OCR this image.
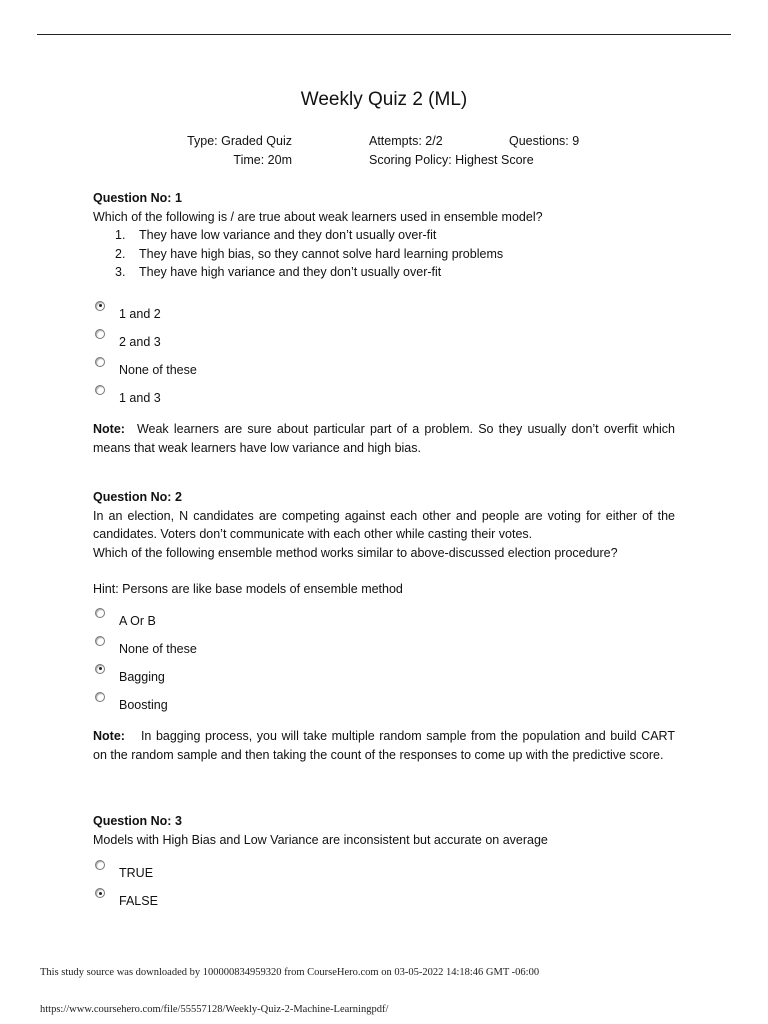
Weekly Quiz 2 (ML)
Type: Graded Quiz	Attempts: 2/2	Questions: 9
Time: 20m	Scoring Policy: Highest Score
Question No: 1
Which of the following is / are true about weak learners used in ensemble model?
1. They have low variance and they don’t usually over-fit
2. They have high bias, so they cannot solve hard learning problems
3. They have high variance and they don’t usually over-fit
1 and 2
2 and 3
None of these
1 and 3
Note: Weak learners are sure about particular part of a problem. So they usually don’t overfit which means that weak learners have low variance and high bias.
Question No: 2
In an election, N candidates are competing against each other and people are voting for either of the candidates. Voters don’t communicate with each other while casting their votes.
Which of the following ensemble method works similar to above-discussed election procedure?
Hint: Persons are like base models of ensemble method
A Or B
None of these
Bagging
Boosting
Note: In bagging process, you will take multiple random sample from the population and build CART on the random sample and then taking the count of the responses to come up with the predictive score.
Question No: 3
Models with High Bias and Low Variance are inconsistent but accurate on average
TRUE
FALSE
This study source was downloaded by 100000834959320 from CourseHero.com on 03-05-2022 14:18:46 GMT -06:00
https://www.coursehero.com/file/55557128/Weekly-Quiz-2-Machine-Learningpdf/
